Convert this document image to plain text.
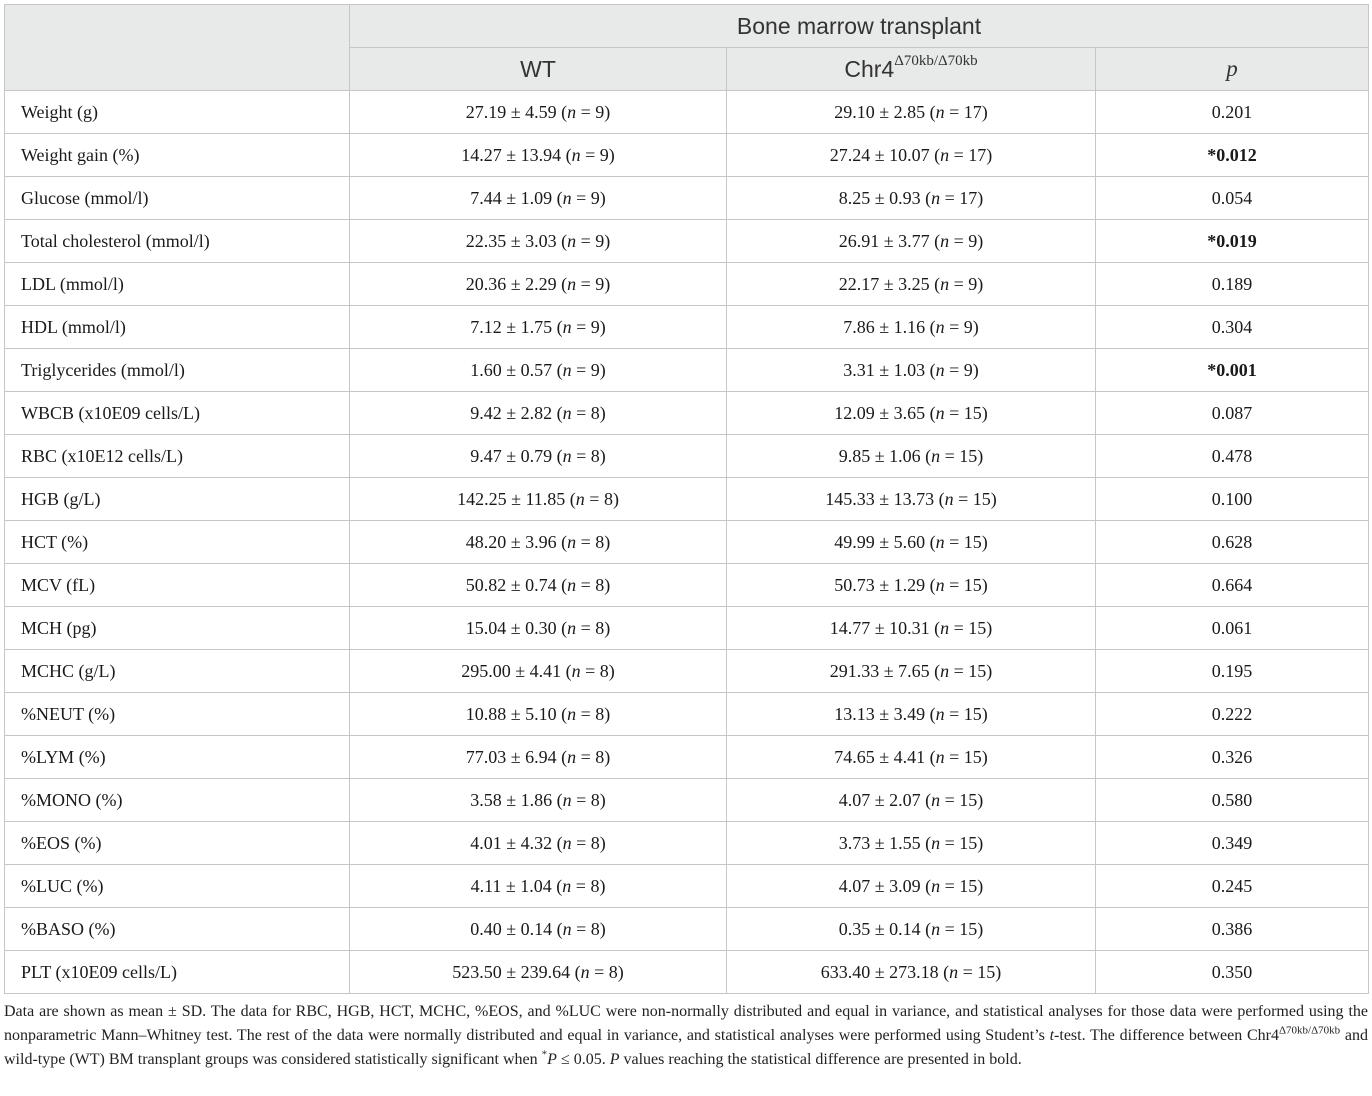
	Bone marrow transplant		
	WT	$Chr4^{\Delta 70kb/\Delta 70kb}$	p
Weight (g)	27.19 ± 4.59 (n = 9)	29.10 ± 2.85 (n = 17)	0.201
Weight gain (%)	14.27 ± 13.94 (n = 9)	27.24 ± 10.07 (n = 17)	*0.012
Glucose (mmol/l)	7.44 ± 1.09 (n = 9)	8.25 ± 0.93 (n = 17)	0.054
Total cholesterol (mmol/l)	22.35 ± 3.03 (n = 9)	26.91 ± 3.77 (n = 9)	*0.019
LDL (mmol/l)	20.36 ± 2.29 (n = 9)	22.17 ± 3.25 (n = 9)	0.189
HDL (mmol/l)	7.12 ± 1.75 (n = 9)	7.86 ± 1.16 (n = 9)	0.304
Triglycerides (mmol/l)	1.60 ± 0.57 (n = 9)	3.31 ± 1.03 (n = 9)	*0.001
WBCB (x10E09 cells/L)	9.42 ± 2.82 (n = 8)	12.09 ± 3.65 (n = 15)	0.087
RBC (x10E12 cells/L)	9.47 ± 0.79 (n = 8)	9.85 ± 1.06 (n = 15)	0.478
HGB (g/L)	142.25 ± 11.85 (n = 8)	145.33 ± 13.73 (n = 15)	0.100
HCT (%)	48.20 ± 3.96 (n = 8)	49.99 ± 5.60 (n = 15)	0.628
MCV (fL)	50.82 ± 0.74 (n = 8)	50.73 ± 1.29 (n = 15)	0.664
MCH (pg)	15.04 ± 0.30 (n = 8)	14.77 ± 10.31 (n = 15)	0.061
MCHC (g/L)	295.00 ± 4.41 (n = 8)	291.33 ± 7.65 (n = 15)	0.195
%NEUT (%)	10.88 ± 5.10 (n = 8)	13.13 ± 3.49 (n = 15)	0.222
%LYM (%)	77.03 ± 6.94 (n = 8)	74.65 ± 4.41 (n = 15)	0.326
%MONO (%)	3.58 ± 1.86 (n = 8)	4.07 ± 2.07 (n = 15)	0.580
%EOS (%)	4.01 ± 4.32 (n = 8)	3.73 ± 1.55 (n = 15)	0.349
%LUC (%)	4.11 ± 1.04 (n = 8)	4.07 ± 3.09 (n = 15)	0.245
%BASO (%)	0.40 ± 0.14 (n = 8)	0.35 ± 0.14 (n = 15)	0.386
PLT (x10E09 cells/L)	523.50 ± 239.64 (n = 8)	633.40 ± 273.18 (n = 15)	0.350
Data are shown as mean ± SD. The data for RBC, HGB, HCT, MCHC, %EOS, and %LUC were non-normally distributed and equal in variance, and statistical analyses for those data were performed using the nonparametric Mann–Whitney test. The rest of the data were normally distributed and equal in variance, and statistical analyses were performed using Student’s t-test. The difference between $Chr4^{\Delta 70kb/\Delta 70kb}$ and wild-type (WT) BM transplant groups was considered statistically significant when *P ≤ 0.05. P values reaching the statistical difference are presented in bold.
